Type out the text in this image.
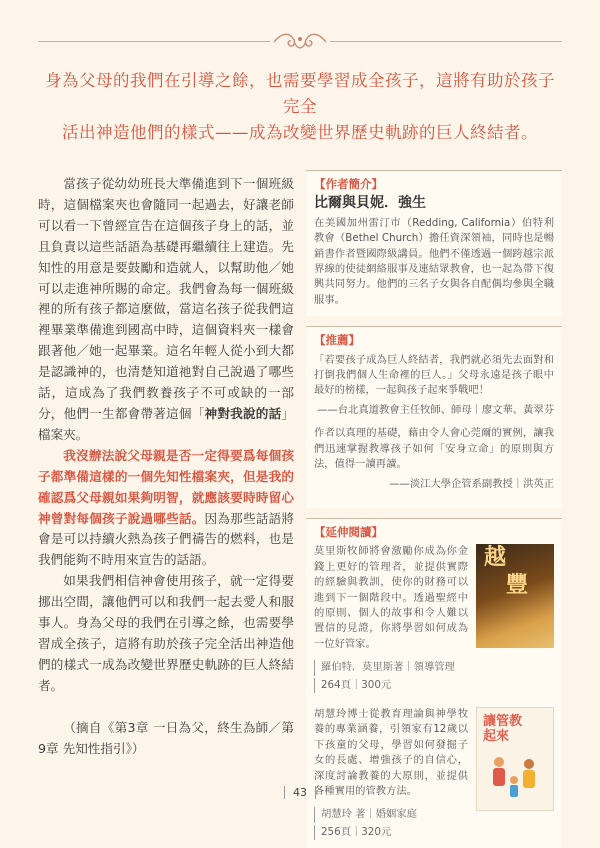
身為父母的我們在引導之餘，也需要學習成全孩子，這將有助於孩子完全
活出神造他們的樣式——成為改變世界歷史軌跡的巨人終結者。

當孩子從幼幼班長大準備進到下一個班級時，這個檔案夾也會隨同一起過去，好讓老師可以看一下曾經宣告在這個孩子身上的話，並且負責以這些話語為基礎再繼續往上建造。先知性的用意是要鼓勵和造就人，以幫助他／她可以走進神所賜的命定。我們會為每一個班級裡的所有孩子都這麼做，當這名孩子從我們這裡畢業準備進到國高中時，這個資料夾一樣會跟著他／她一起畢業。這名年輕人從小到大都是認識神的，也清楚知道祂對自己說過了哪些話，這成為了我們教養孩子不可或缺的一部分，他們一生都會帶著這個「神對我說的話」檔案夾。

我沒辦法說父母親是否一定得要爲每個孩子都準備這樣的一個先知性檔案夾，但是我的確認爲父母親如果夠明智，就應該要時時留心神曾對每個孩子說過哪些話。因為那些話語將會是可以持續火熱為孩子們禱告的燃料，也是我們能夠不時用來宣告的話語。

如果我們相信神會使用孩子，就一定得要挪出空間，讓他們可以和我們一起去愛人和服事人。身為父母的我們在引導之餘，也需要學習成全孩子，這將有助於孩子完全活出神造他們的樣式一成為改變世界歷史軌跡的巨人終結者。

（摘自《第3章 一日為父，終生為師／第9章 先知性指引》）

【作者簡介】
比爾與貝妮．強生

在美國加州雷汀市（Redding, California）伯特利教會（Bethel Church）擔任資深領袖，同時也是暢銷書作者暨國際級講員。他們不僅透過一個跨越宗派界線的使徒網絡服事及連結眾教會，也一起為帶下復興共同努力。他們的三名子女與各自配偶均參與全職服事。

【推薦】

「若要孩子成為巨人終結者，我們就必須先去面對和打倒我們個人生命裡的巨人。」父母永遠是孩子眼中最好的榜樣，一起與孩子起來爭戰吧！

——台北真道教會主任牧師、師母｜廖文華、黃翠芬

作者以真理的基礎，藉由令人會心莞爾的實例，讓我們迅速掌握教導孩子如何「安身立命」的原則與方法，值得一讀再讀。

——淡江大學企管系副教授｜洪英正
【延伸閱讀】

莫里斯牧師將會激勵你成為你金錢上更好的管理者，並提供實際的經驗與教訓，使你的財務可以進到下一個階段中。透過聖經中的原則、個人的故事和令人難以置信的見證，你將學習如何成為一位好管家。

羅伯特．莫里斯著｜領導管理
264頁｜300元
越
豐

胡慧玲博士從教育理論與神學牧養的專業涵養，引領家有12歲以下孩童的父母，學習如何發掘子女的長處、增強孩子的自信心，深度討論教養的大原則，並提供各種實用的管教方法。

胡慧玲 著｜婚姻家庭
256頁｜320元
讓管教
起來
43
